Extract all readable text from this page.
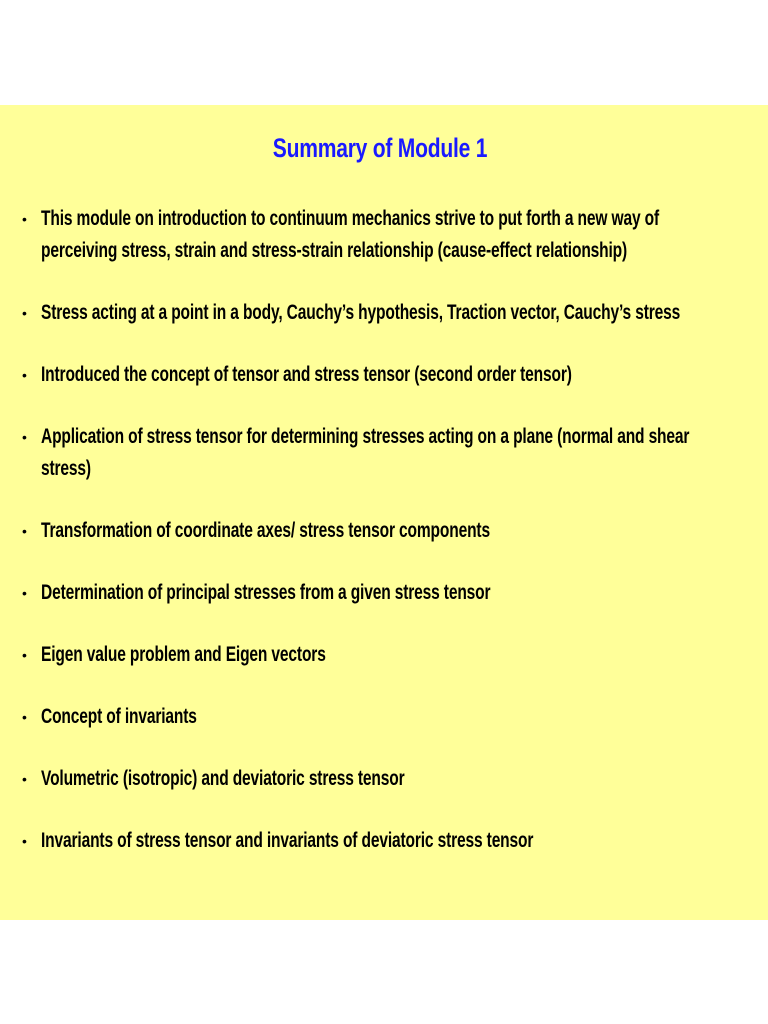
Summary of Module 1
• This module on introduction to continuum mechanics strive to put forth a new way of perceiving stress, strain and stress-strain relationship (cause-effect relationship)
• Stress acting at a point in a body, Cauchy’s hypothesis, Traction vector, Cauchy’s stress
• Introduced the concept of tensor and stress tensor (second order tensor)
• Application of stress tensor for determining stresses acting on a plane (normal and shear stress)
• Transformation of coordinate axes/ stress tensor components
• Determination of principal stresses from a given stress tensor
• Eigen value problem and Eigen vectors
• Concept of invariants
• Volumetric (isotropic) and deviatoric stress tensor
• Invariants of stress tensor and invariants of deviatoric stress tensor
